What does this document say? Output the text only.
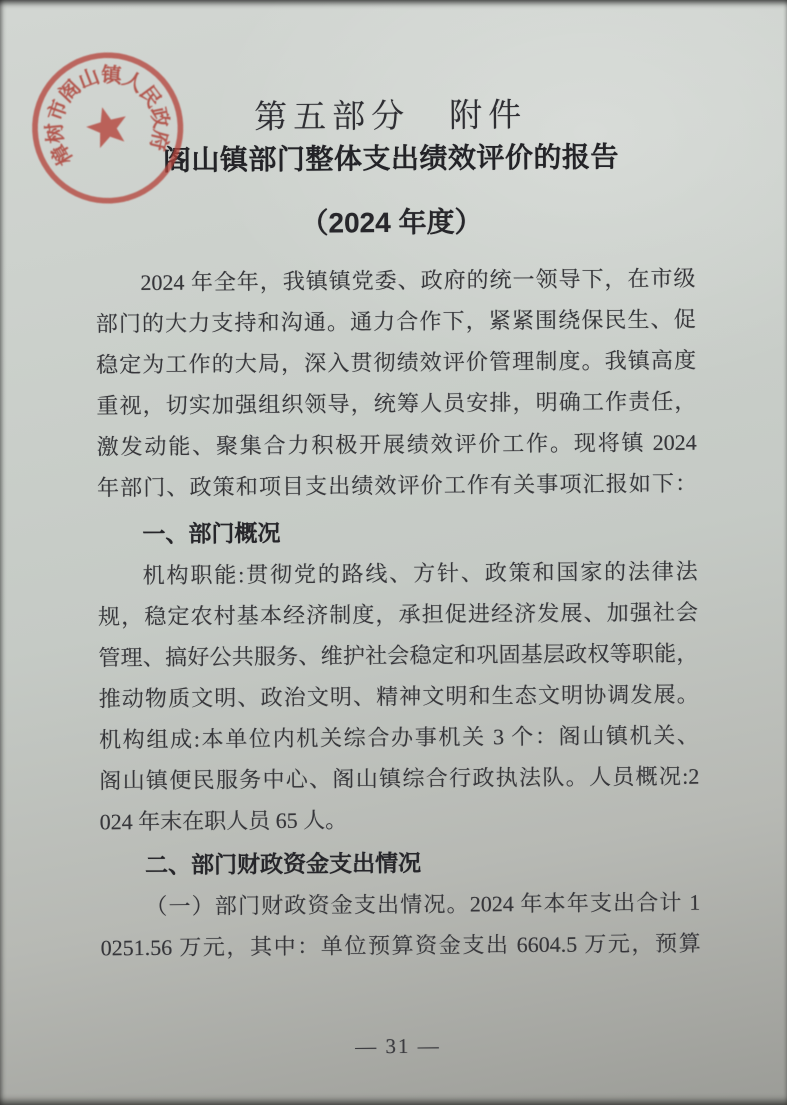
樟树市阁山镇人民政府
第五部分　附件
阁山镇部门整体支出绩效评价的报告
（2024 年度）
2024 年全年，我镇镇党委、政府的统一领导下，在市级
部门的大力支持和沟通。通力合作下，紧紧围绕保民生、促
稳定为工作的大局，深入贯彻绩效评价管理制度。我镇高度
重视，切实加强组织领导，统筹人员安排，明确工作责任，
激发动能、聚集合力积极开展绩效评价工作。现将镇 2024
年部门、政策和项目支出绩效评价工作有关事项汇报如下：
一、部门概况
机构职能:贯彻党的路线、方针、政策和国家的法律法
规，稳定农村基本经济制度，承担促进经济发展、加强社会
管理、搞好公共服务、维护社会稳定和巩固基层政权等职能，
推动物质文明、政治文明、精神文明和生态文明协调发展。
机构组成:本单位内机关综合办事机关 3 个：阁山镇机关、
阁山镇便民服务中心、阁山镇综合行政执法队。人员概况:2
024 年末在职人员 65 人。
二、部门财政资金支出情况
（一）部门财政资金支出情况。2024 年本年支出合计 1
0251.56 万元，其中：单位预算资金支出 6604.5 万元，预算
— 31 —
